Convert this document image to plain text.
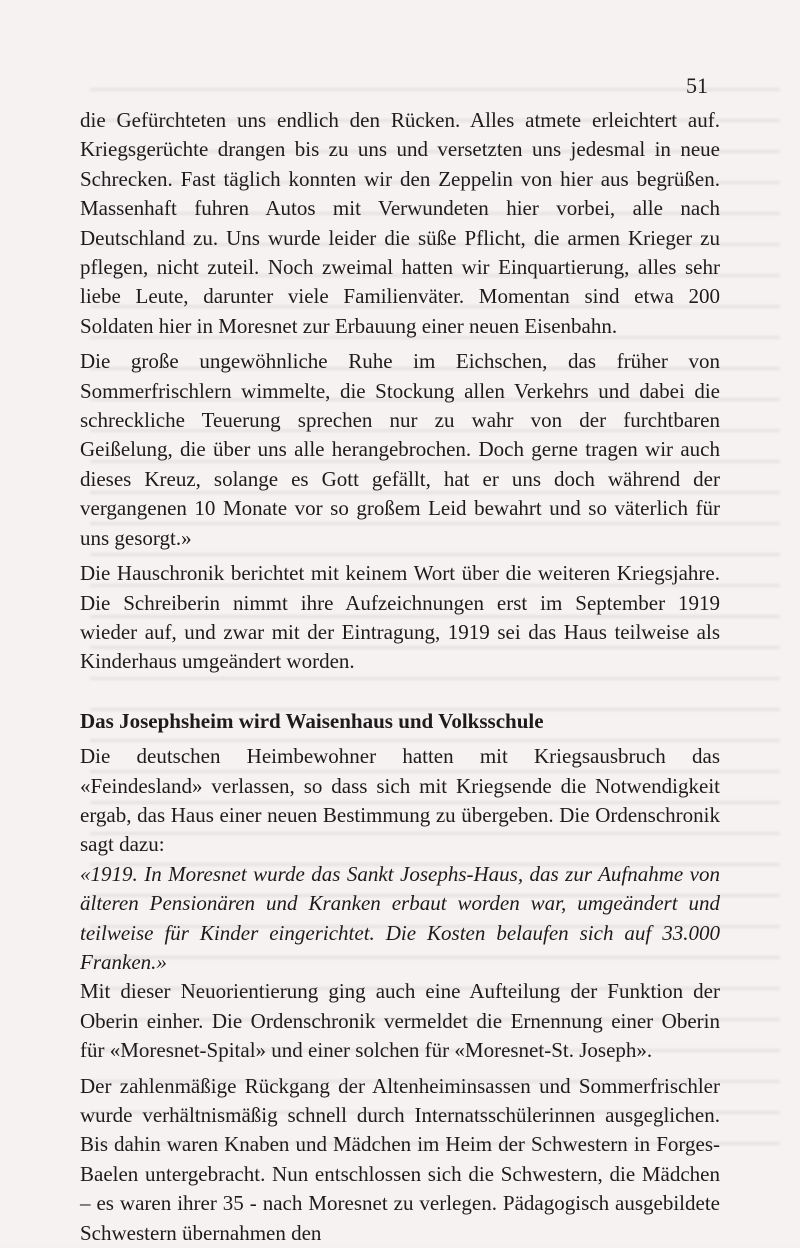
51

die Gefürchteten uns endlich den Rücken. Alles atmete erleichtert auf. Kriegsgerüchte drangen bis zu uns und versetzten uns jedesmal in neue Schrecken. Fast täglich konnten wir den Zeppelin von hier aus begrüßen. Massenhaft fuhren Autos mit Verwundeten hier vorbei, alle nach Deutschland zu. Uns wurde leider die süße Pflicht, die armen Krieger zu pflegen, nicht zuteil. Noch zweimal hatten wir Einquartierung, alles sehr liebe Leute, darunter viele Familienväter. Momentan sind etwa 200 Soldaten hier in Moresnet zur Erbauung einer neuen Eisenbahn.

Die große ungewöhnliche Ruhe im Eichschen, das früher von Sommerfrischlern wimmelte, die Stockung allen Verkehrs und dabei die schreckliche Teuerung sprechen nur zu wahr von der furchtbaren Geißelung, die über uns alle herangebrochen. Doch gerne tragen wir auch dieses Kreuz, solange es Gott gefällt, hat er uns doch während der vergangenen 10 Monate vor so großem Leid bewahrt und so väterlich für uns gesorgt.»

Die Hauschronik berichtet mit keinem Wort über die weiteren Kriegsjahre. Die Schreiberin nimmt ihre Aufzeichnungen erst im September 1919 wieder auf, und zwar mit der Eintragung, 1919 sei das Haus teilweise als Kinderhaus umgeändert worden.

Das Josephsheim wird Waisenhaus und Volksschule

Die deutschen Heimbewohner hatten mit Kriegsausbruch das «Feindesland» verlassen, so dass sich mit Kriegsende die Notwendigkeit ergab, das Haus einer neuen Bestimmung zu übergeben. Die Ordenschronik sagt dazu:

«1919. In Moresnet wurde das Sankt Josephs-Haus, das zur Aufnahme von älteren Pensionären und Kranken erbaut worden war, umgeändert und teilweise für Kinder eingerichtet. Die Kosten belaufen sich auf 33.000 Franken.»

Mit dieser Neuorientierung ging auch eine Aufteilung der Funktion der Oberin einher. Die Ordenschronik vermeldet die Ernennung einer Oberin für «Moresnet-Spital» und einer solchen für «Moresnet-St. Joseph».

Der zahlenmäßige Rückgang der Altenheiminsassen und Sommerfrischler wurde verhältnismäßig schnell durch Internatsschülerinnen ausgeglichen. Bis dahin waren Knaben und Mädchen im Heim der Schwestern in Forges-Baelen untergebracht. Nun entschlossen sich die Schwestern, die Mädchen – es waren ihrer 35 - nach Moresnet zu verlegen. Pädagogisch ausgebildete Schwestern übernahmen den
